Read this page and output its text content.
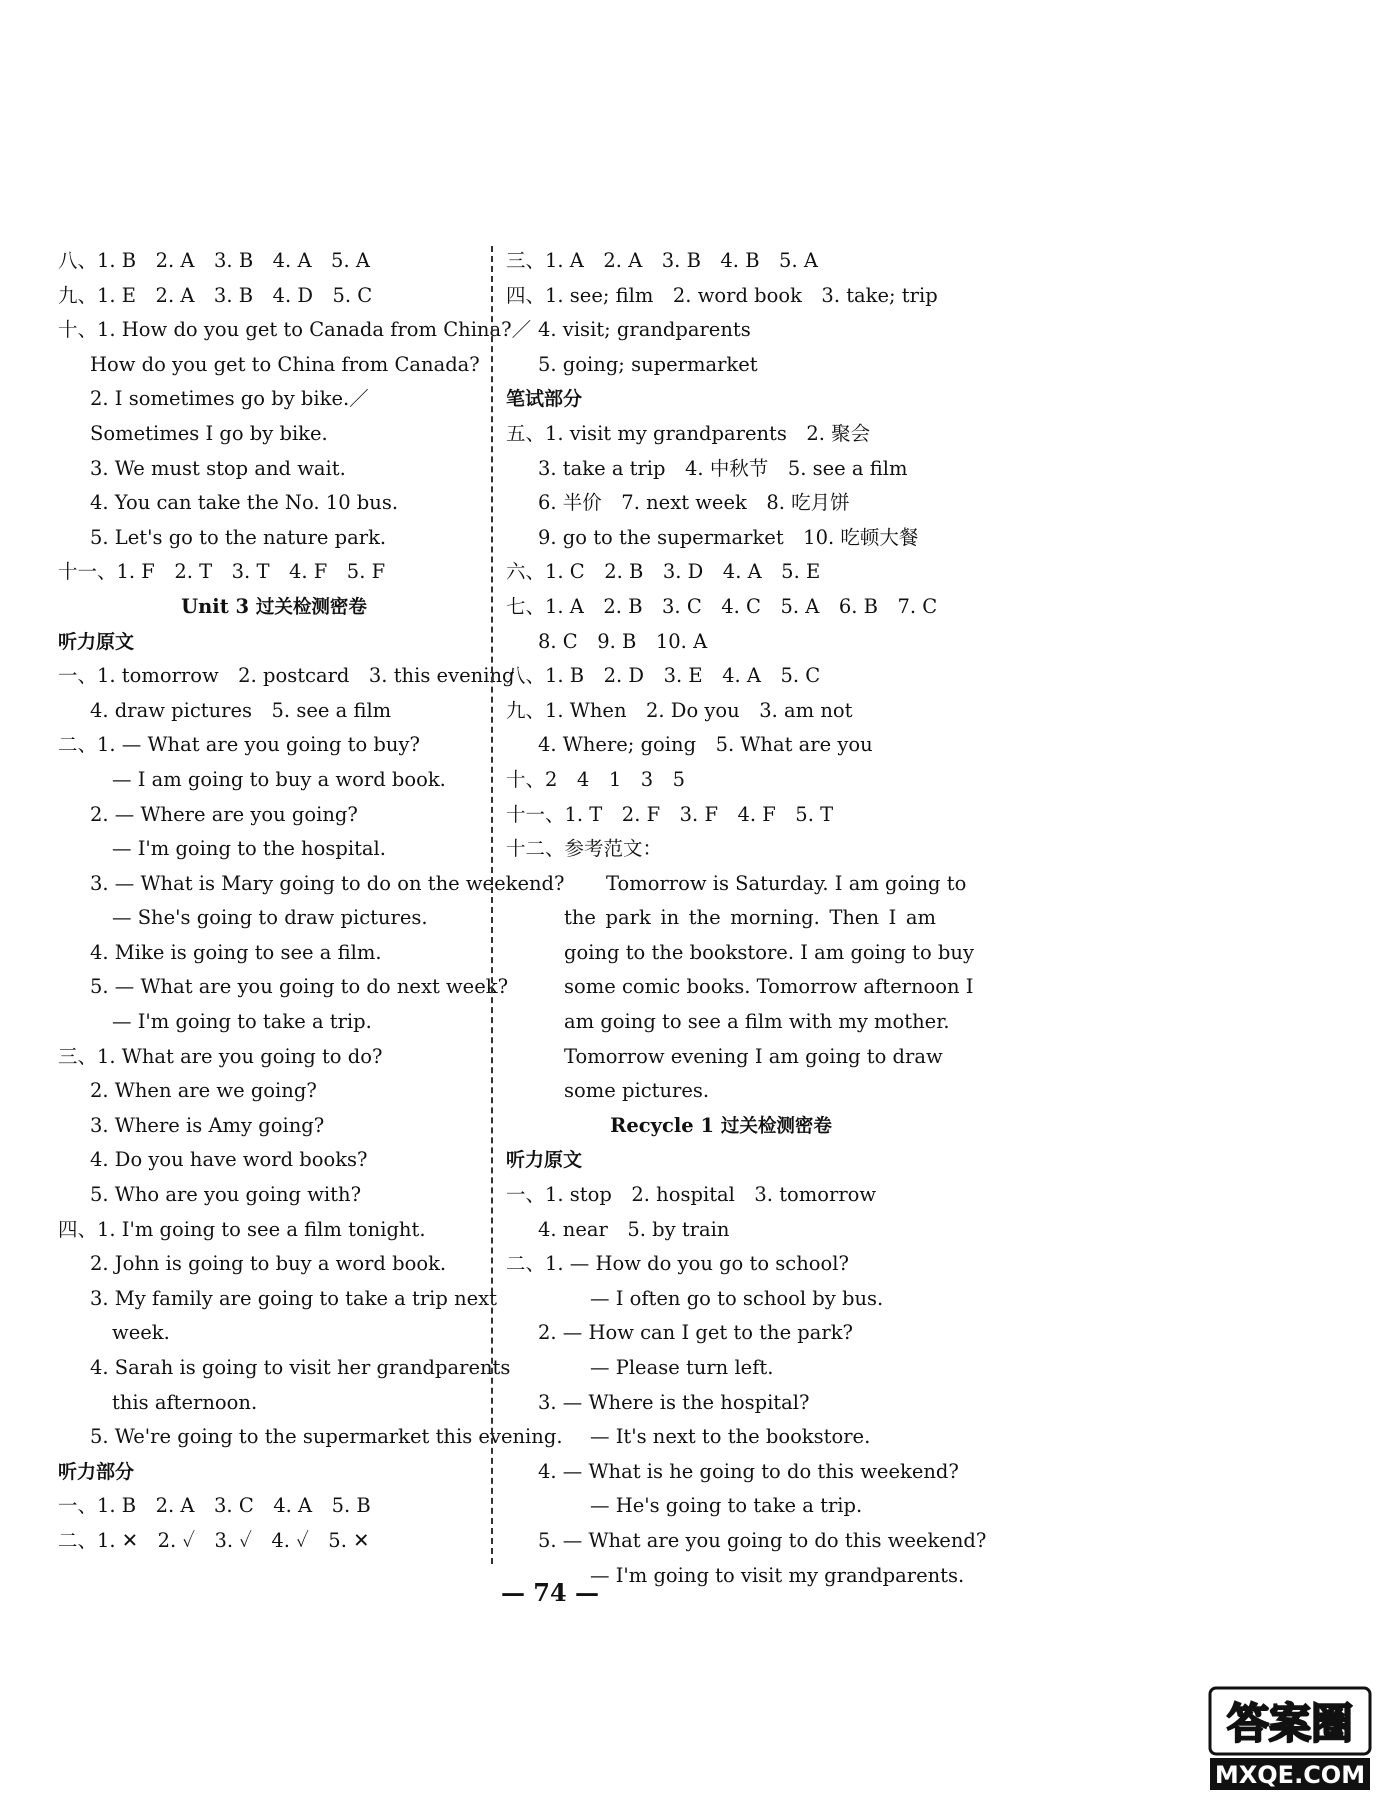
八、1. B　2. A　3. B　4. A　5. A
九、1. E　2. A　3. B　4. D　5. C
十、1. How do you get to Canada from China?／
How do you get to China from Canada?
2. I sometimes go by bike.／
Sometimes I go by bike.
3. We must stop and wait.
4. You can take the No. 10 bus.
5. Let's go to the nature park.
十一、1. F　2. T　3. T　4. F　5. F
Unit 3 过关检测密卷
听力原文
一、1. tomorrow　2. postcard　3. this evening
4. draw pictures　5. see a film
二、1. — What are you going to buy?
— I am going to buy a word book.
2. — Where are you going?
— I'm going to the hospital.
3. — What is Mary going to do on the weekend?
— She's going to draw pictures.
4. Mike is going to see a film.
5. — What are you going to do next week?
— I'm going to take a trip.
三、1. What are you going to do?
2. When are we going?
3. Where is Amy going?
4. Do you have word books?
5. Who are you going with?
四、1. I'm going to see a film tonight.
2. John is going to buy a word book.
3. My family are going to take a trip next
week.
4. Sarah is going to visit her grandparents
this afternoon.
5. We're going to the supermarket this evening.
听力部分
一、1. B　2. A　3. C　4. A　5. B
二、1. ✕　2. ✓　3. ✓　4. ✓　5. ✕
三、1. A　2. A　3. B　4. B　5. A
四、1. see; film　2. word book　3. take; trip
4. visit; grandparents
5. going; supermarket
笔试部分
五、1. visit my grandparents　2. 聚会
3. take a trip　4. 中秋节　5. see a film
6. 半价　7. next week　8. 吃月饼
9. go to the supermarket　10. 吃顿大餐
六、1. C　2. B　3. D　4. A　5. E
七、1. A　2. B　3. C　4. C　5. A　6. B　7. C
8. C　9. B　10. A
八、1. B　2. D　3. E　4. A　5. C
九、1. When　2. Do you　3. am not
4. Where; going　5. What are you
十、2　4　1　3　5
十一、1. T　2. F　3. F　4. F　5. T
十二、参考范文：
Tomorrow is Saturday. I am going to
the park in the morning. Then I am
going to the bookstore. I am going to buy
some comic books. Tomorrow afternoon I
am going to see a film with my mother.
Tomorrow evening I am going to draw
some pictures.
Recycle 1 过关检测密卷
听力原文
一、1. stop　2. hospital　3. tomorrow
4. near　5. by train
二、1. — How do you go to school?
— I often go to school by bus.
2. — How can I get to the park?
— Please turn left.
3. — Where is the hospital?
— It's next to the bookstore.
4. — What is he going to do this weekend?
— He's going to take a trip.
5. — What are you going to do this weekend?
— I'm going to visit my grandparents.
— 74 —
答案圈
MXQE.COM
